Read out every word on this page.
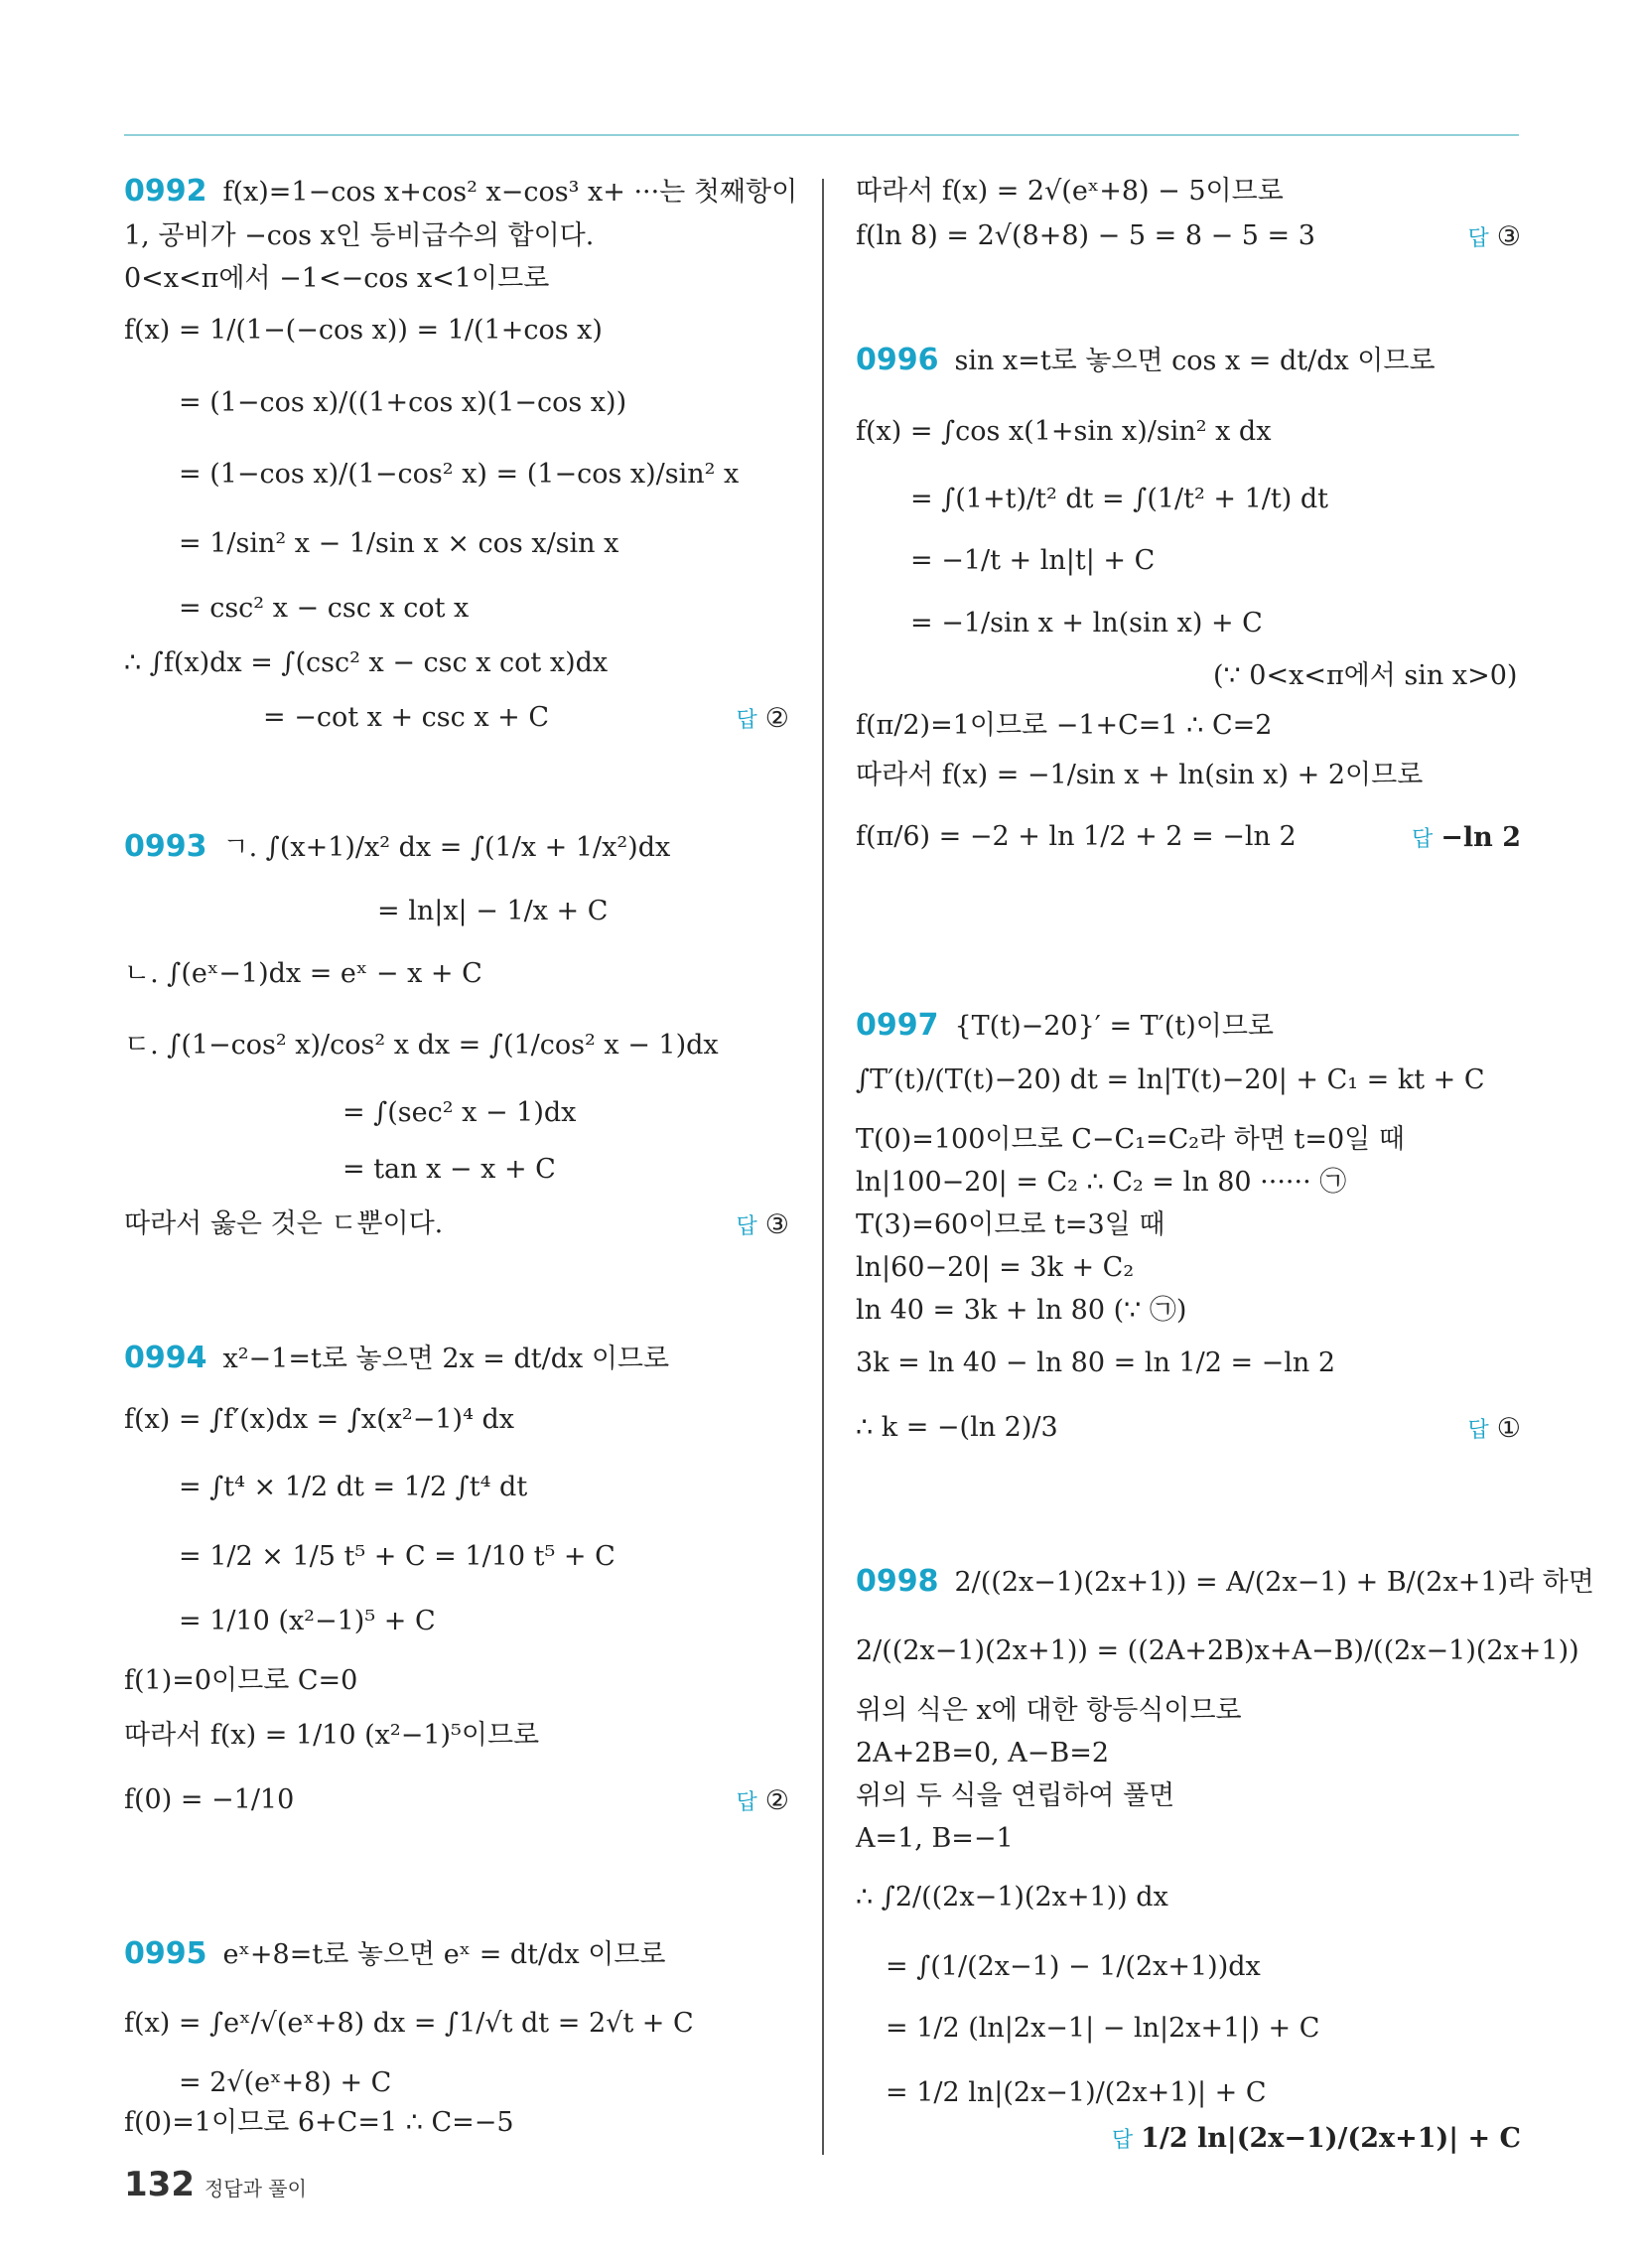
0992 f(x)=1−cos x+cos² x−cos³ x+ ···는 첫째항이
1, 공비가 −cos x인 등비급수의 합이다.
0<x<π에서 −1<−cos x<1이므로
f(x) = 1/(1−(−cos x)) = 1/(1+cos x)
= (1−cos x)/((1+cos x)(1−cos x))
= (1−cos x)/(1−cos² x) = (1−cos x)/sin² x
= 1/sin² x − 1/sin x × cos x/sin x
= csc² x − csc x cot x
∴ ∫f(x)dx = ∫(csc² x − csc x cot x)dx
= −cot x + csc x + C	답 ②
0993 ㄱ. ∫(x+1)/x² dx = ∫(1/x + 1/x²)dx
= ln|x| − 1/x + C
ㄴ. ∫(eˣ−1)dx = eˣ − x + C
ㄷ. ∫(1−cos² x)/cos² x dx = ∫(1/cos² x − 1)dx
= ∫(sec² x − 1)dx
= tan x − x + C
따라서 옳은 것은 ㄷ뿐이다.	답 ③
0994 x²−1=t로 놓으면 2x = dt/dx 이므로
f(x) = ∫f′(x)dx = ∫x(x²−1)⁴ dx
= ∫t⁴ × 1/2 dt = 1/2 ∫t⁴ dt
= 1/2 × 1/5 t⁵ + C = 1/10 t⁵ + C
= 1/10 (x²−1)⁵ + C
f(1)=0이므로 C=0
따라서 f(x) = 1/10 (x²−1)⁵이므로
f(0) = −1/10	답 ②
0995 eˣ+8=t로 놓으면 eˣ = dt/dx 이므로
f(x) = ∫eˣ/√(eˣ+8) dx = ∫1/√t dt = 2√t + C
= 2√(eˣ+8) + C
f(0)=1이므로 6+C=1 ∴ C=−5
따라서 f(x) = 2√(eˣ+8) − 5이므로
f(ln 8) = 2√(8+8) − 5 = 8 − 5 = 3	답 ③
0996 sin x=t로 놓으면 cos x = dt/dx 이므로
f(x) = ∫cos x(1+sin x)/sin² x dx
= ∫(1+t)/t² dt = ∫(1/t² + 1/t) dt
= −1/t + ln|t| + C
= −1/sin x + ln(sin x) + C
(∵ 0<x<π에서 sin x>0)
f(π/2)=1이므로 −1+C=1 ∴ C=2
따라서 f(x) = −1/sin x + ln(sin x) + 2이므로
f(π/6) = −2 + ln 1/2 + 2 = −ln 2	답 −ln 2
0997 {T(t)−20}′ = T′(t)이므로
∫T′(t)/(T(t)−20) dt = ln|T(t)−20| + C₁ = kt + C
T(0)=100이므로 C−C₁=C₂라 하면 t=0일 때
ln|100−20| = C₂ ∴ C₂ = ln 80 ······ ㉠
T(3)=60이므로 t=3일 때
ln|60−20| = 3k + C₂
ln 40 = 3k + ln 80 (∵ ㉠)
3k = ln 40 − ln 80 = ln 1/2 = −ln 2
∴ k = −(ln 2)/3	답 ①
0998 2/((2x−1)(2x+1)) = A/(2x−1) + B/(2x+1)라 하면
2/((2x−1)(2x+1)) = ((2A+2B)x+A−B)/((2x−1)(2x+1))
위의 식은 x에 대한 항등식이므로
2A+2B=0, A−B=2
위의 두 식을 연립하여 풀면
A=1, B=−1
∴ ∫2/((2x−1)(2x+1)) dx
= ∫(1/(2x−1) − 1/(2x+1))dx
= 1/2 (ln|2x−1| − ln|2x+1|) + C
= 1/2 ln|(2x−1)/(2x+1)| + C
답 1/2 ln|(2x−1)/(2x+1)| + C
132 정답과 풀이
